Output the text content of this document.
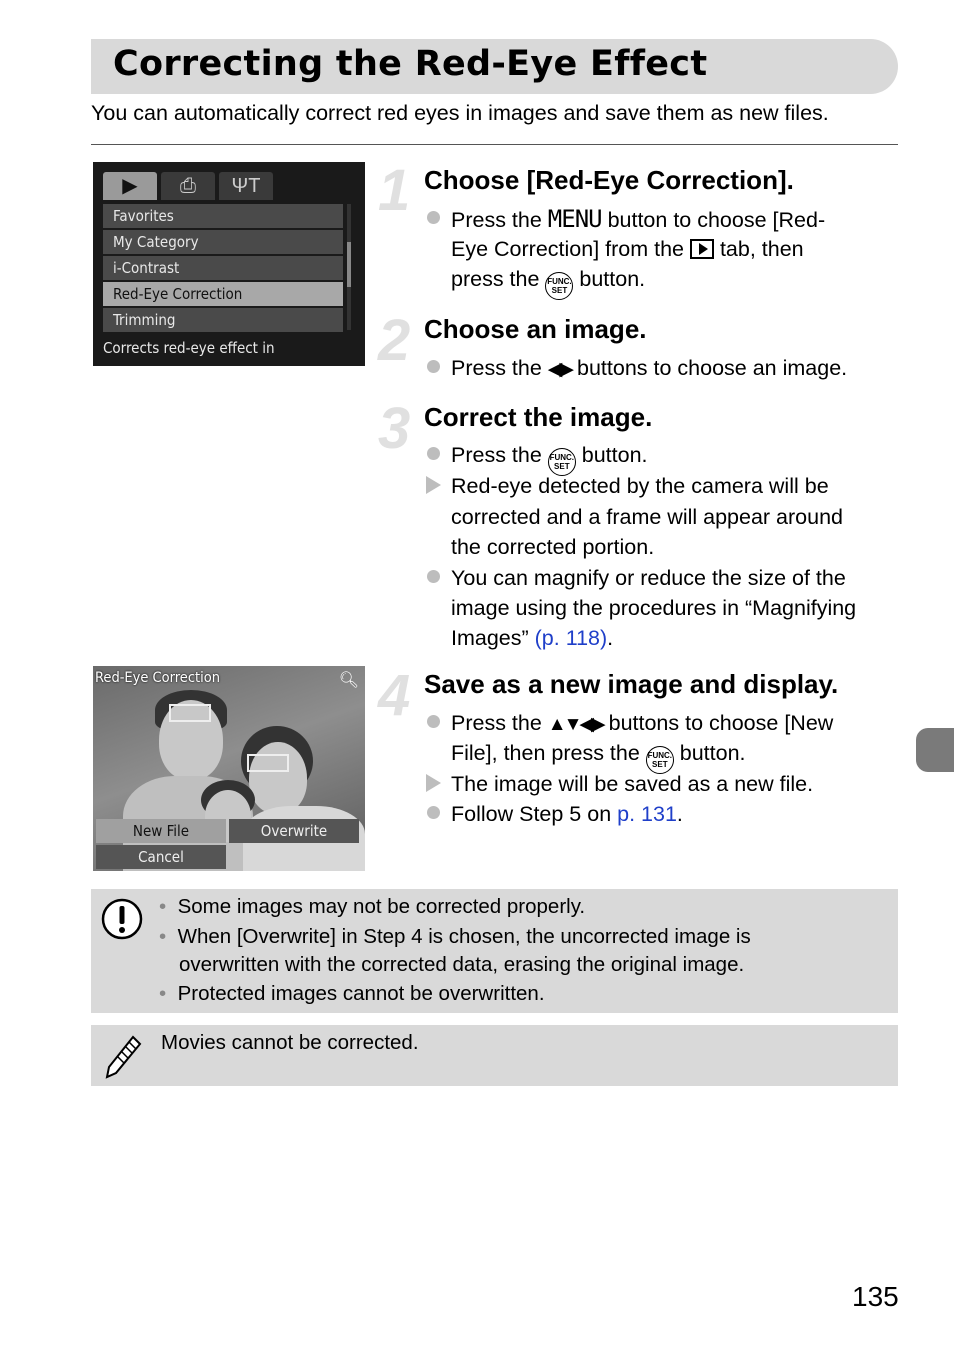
Correcting the Red-Eye Effect
You can automatically correct red eyes in images and save them as new files.
▶	⎙	ΨT
Favorites
My Category
i-Contrast
Red-Eye Correction
Trimming
Corrects red-eye effect in
Red-Eye Correction	🔍︎
New File	Overwrite
Cancel
1 Choose [Red-Eye Correction].
Press the MENU button to choose [Red-
Eye Correction] from the  tab, then
press the FUNC.
SET button.
2 Choose an image.
Press the ◀▶ buttons to choose an image.
3 Correct the image.
Press the FUNC.
SET button.
Red-eye detected by the camera will be
corrected and a frame will appear around
the corrected portion.
You can magnify or reduce the size of the
image using the procedures in “Magnifying
Images” (p. 118).
4 Save as a new image and display.
Press the ▲▼◀▶ buttons to choose [New
File], then press the FUNC.
SET button.
The image will be saved as a new file.
Follow Step 5 on p. 131.
• Some images may not be corrected properly.
• When [Overwrite] in Step 4 is chosen, the uncorrected image is
overwritten with the corrected data, erasing the original image.
• Protected images cannot be overwritten.
Movies cannot be corrected.
135
